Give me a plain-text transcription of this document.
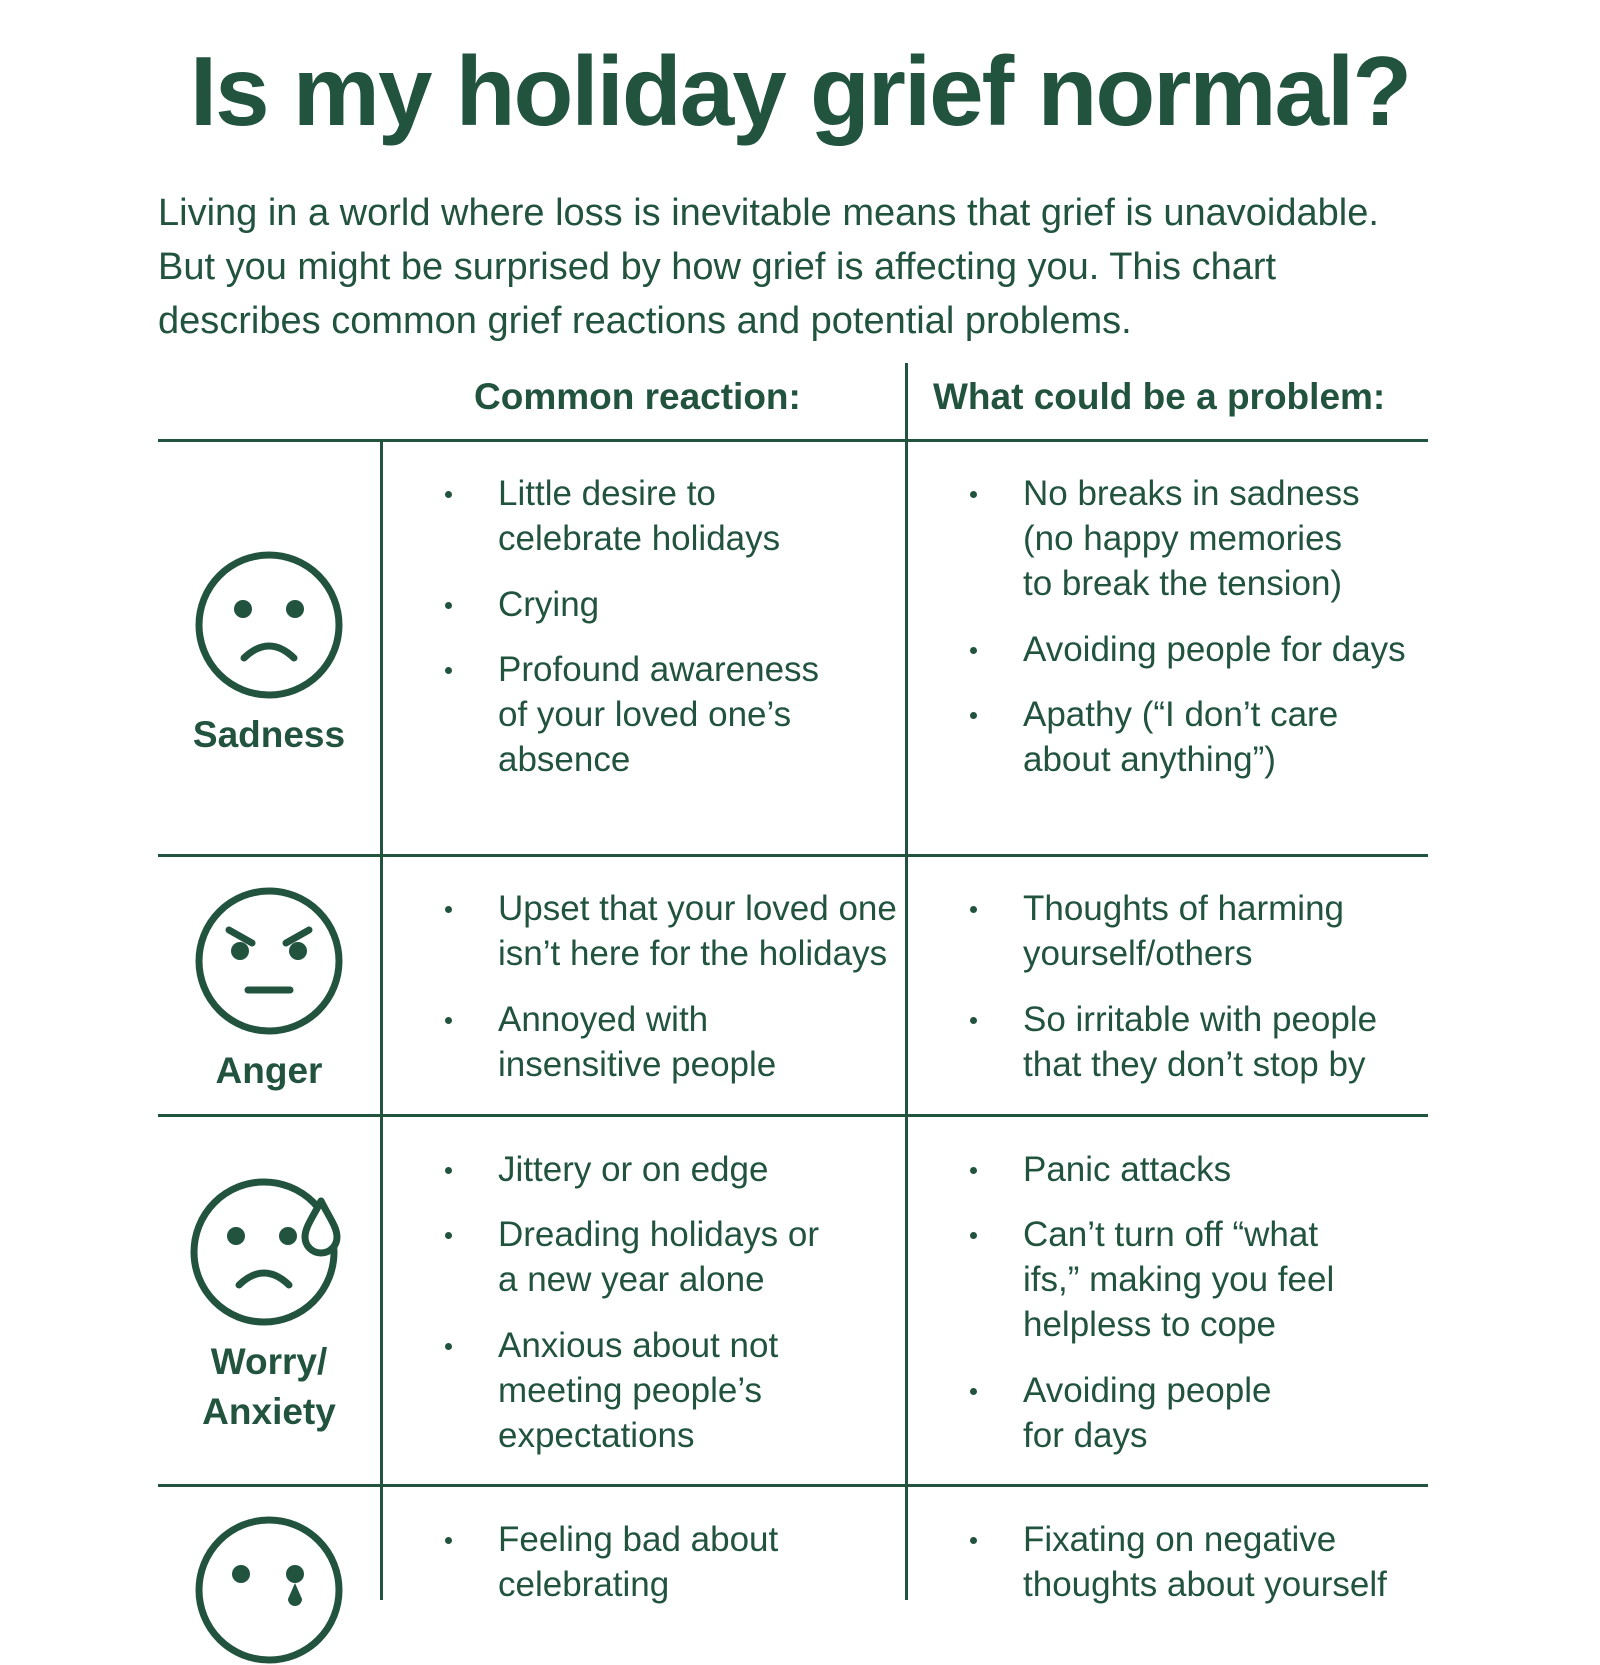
Is my holiday grief normal?

Living in a world where loss is inevitable means that grief is unavoidable.

But you might be surprised by how grief is affecting you. This chart

describes common grief reactions and potential problems.

Common reaction:	What could be a problem:
Sadness
Little desire to
celebrate holidays
Crying
Profound awareness
of your loved one’s
absence
No breaks in sadness
(no happy memories
to break the tension)
Avoiding people for days
Apathy (“I don’t care
about anything”)
Anger
Upset that your loved one
isn’t here for the holidays
Annoyed with
insensitive people
Thoughts of harming
yourself/others
So irritable with people
that they don’t stop by
Worry/
Anxiety
Jittery or on edge
Dreading holidays or
a new year alone
Anxious about not
meeting people’s
expectations
Panic attacks
Can’t turn off “what
ifs,” making you feel
helpless to cope
Avoiding people
for days
Feeling bad about
celebrating
Fixating on negative
thoughts about yourself
